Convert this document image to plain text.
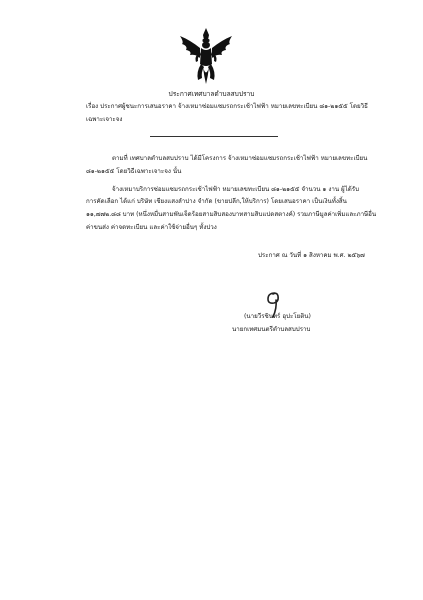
ประกาศเทศบาลตำบลสบปราบ
เรื่อง ประกาศผู้ชนะการเสนอราคา จ้างเหมาซ่อมแซมรถกระเช้าไฟฟ้า หมายเลขทะเบียน ๘๑-๒๑๕๕ โดยวิธี
เฉพาะเจาะจง
ตามที่ เทศบาลตำบลสบปราบ ได้มีโครงการ จ้างเหมาซ่อมแซมรถกระเช้าไฟฟ้า หมายเลขทะเบียน
๘๑-๒๑๕๕ โดยวิธีเฉพาะเจาะจง นั้น
จ้างเหมาบริการซ่อมแซมรถกระเช้าไฟฟ้า หมายเลขทะเบียน ๘๑-๒๑๕๕ จำนวน ๑ งาน ผู้ได้รับ
การคัดเลือก ได้แก่ บริษัท เชียงแสงลำปาง จำกัด (ขายปลีก,ให้บริการ) โดยเสนอราคา เป็นเงินทั้งสิ้น
๑๑,๗๗๒.๘๘ บาท (หนึ่งหมื่นสามพันเจ็ดร้อยสามสิบสองบาทสามสิบแปดสตางค์) รวมภาษีมูลค่าเพิ่มและภาษีอื่น
ค่าขนส่ง ค่าจดทะเบียน และค่าใช้จ่ายอื่นๆ ทั้งปวง
ประกาศ ณ วันที่ ๑ สิงหาคม พ.ศ. ๒๕๖๗
(นายวีรชินทร์ อุปะโยติน)
นายกเทศมนตรีตำบลสบปราบ
